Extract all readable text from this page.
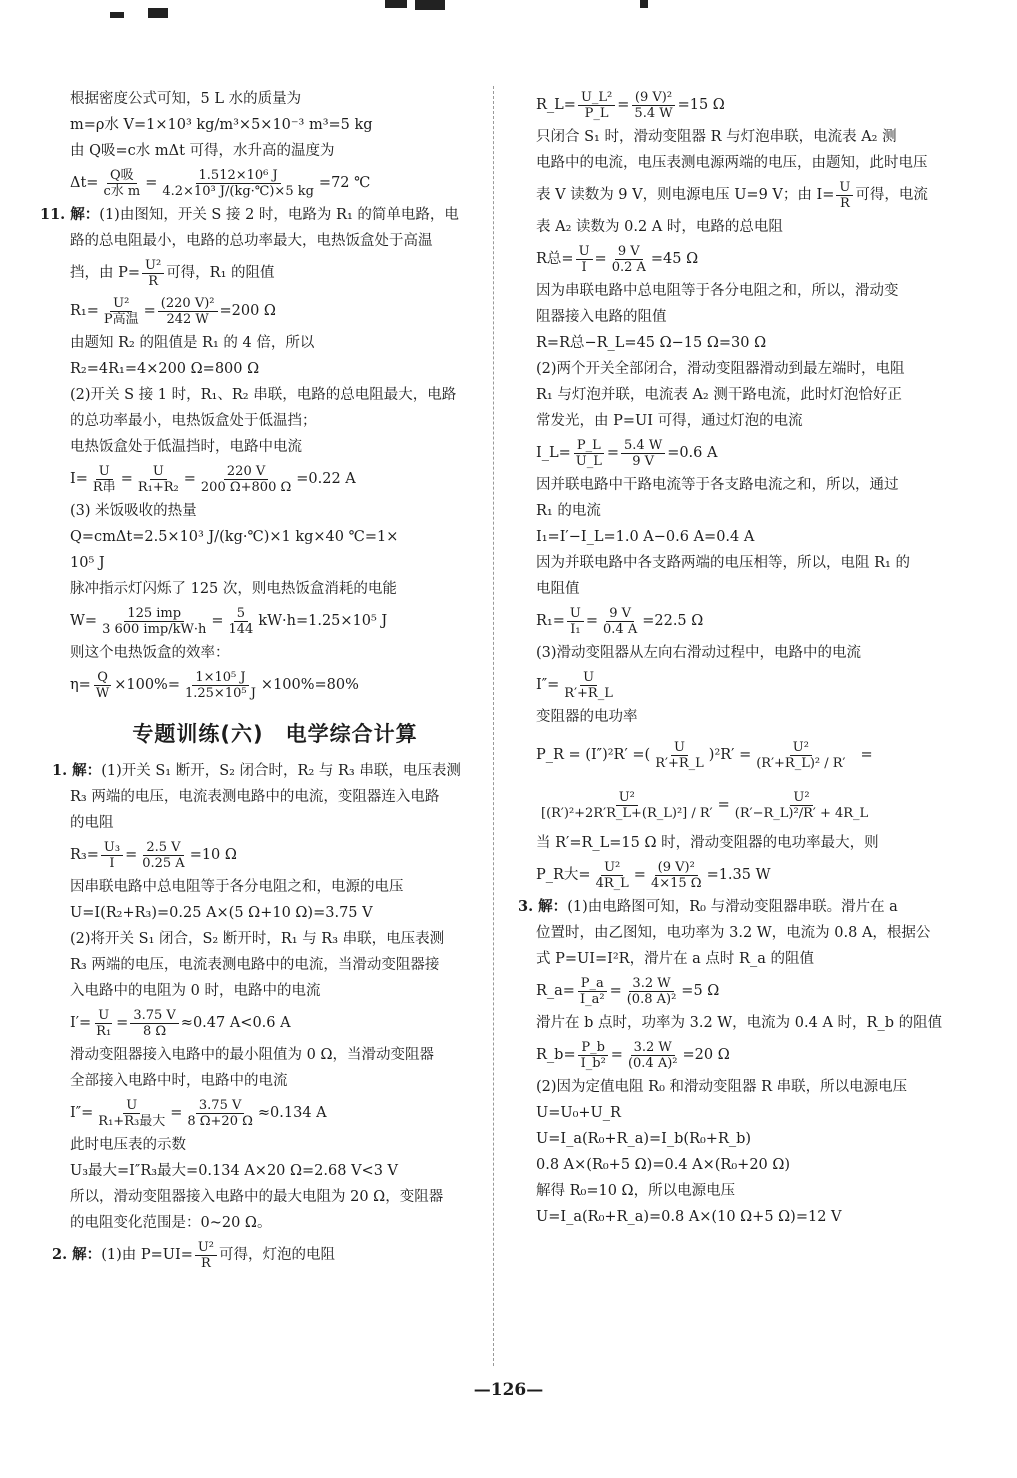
根据密度公式可知，5 L 水的质量为
m=ρ水 V=1×10³ kg/m³×5×10⁻³ m³=5 kg
由 Q吸=c水 mΔt 可得，水升高的温度为
$\Delta t= \frac{\text{Q吸}}{\text{c水 m}} = \frac{\text{1.512×10⁶ J}}{\text{4.2×10³ J/(kg·℃)×5 kg}} =72$ ℃
11. 解：(1)由图知，开关 S 接 2 时，电路为 R₁ 的简单电路，电
路的总电阻最小，电路的总功率最大，电热饭盒处于高温
挡，由 $P= \frac{\text{U²}}{R}$ 可得，R₁ 的阻值
$R_1= \frac{\text{U²}}{\text{P高温}} = \frac{\text{(220 V)²}}{242 W} =200$ Ω
由题知 R₂ 的阻值是 R₁ 的 4 倍，所以
R₂=4R₁=4×200 Ω=800 Ω
(2)开关 S 接 1 时，R₁、R₂ 串联，电路的总电阻最大，电路
的总功率最小，电热饭盒处于低温挡；
电热饭盒处于低温挡时，电路中电流
$I= \frac{U}{\text{R串}} = \frac{U}{\text{R₁+R₂}} = \frac{220 V}{200 \Omega+800 \Omega} =0.22$ A
(3) 米饭吸收的热量
Q=cmΔt=2.5×10³ J/(kg·℃)×1 kg×40 ℃=1×
10⁵ J
脉冲指示灯闪烁了 125 次，则电热饭盒消耗的电能
$W= \frac{\text{125 imp}}{\text{3 600 imp/kW·h}} = \frac{5}{144} kW\cdot h=1.25\times 10^5$ J
则这个电热饭盒的效率：
$\eta= \frac{Q}{W} \times 100\%= \frac{\text{1×10⁵ J}}{\text{1.25×10⁵ J}} \times 100\%=80\%$
专题训练(六)　电学综合计算
1. 解：(1)开关 S₁ 断开，S₂ 闭合时，R₂ 与 R₃ 串联，电压表测
R₃ 两端的电压，电流表测电路中的电流，变阻器连入电路
的电阻
$R_3= \frac{\text{U₃}}{I} = \frac{2.5 V}{0.25 A} =10$ Ω
因串联电路中总电阻等于各分电阻之和，电源的电压
U=I(R₂+R₃)=0.25 A×(5 Ω+10 Ω)=3.75 V
(2)将开关 S₁ 闭合，S₂ 断开时，R₁ 与 R₃ 串联，电压表测
R₃ 两端的电压，电流表测电路中的电流，当滑动变阻器接
入电路中的电阻为 0 时，电路中的电流
$I'= \frac{U}{\text{R₁}} = \frac{3.75 V}{8 \Omega} \approx 0.47$ A<0.6 A
滑动变阻器接入电路中的最小阻值为 0 Ω，当滑动变阻器
全部接入电路中时，电路中的电流
$I''= \frac{U}{\text{R₁+R₃最大}} = \frac{3.75 V}{8 \Omega+20 \Omega} \approx 0.134$ A
此时电压表的示数
U₃最大=I″R₃最大=0.134 A×20 Ω=2.68 V<3 V
所以，滑动变阻器接入电路中的最大电阻为 20 Ω，变阻器
的电阻变化范围是：0~20 Ω。
2. 解： (1)由 $P=UI= \frac{\text{U²}}{R}$ 可得，灯泡的电阻
R_L= $\frac{\text{U\_L²}}{P\_L} = \frac{\text{(9 V)²}}{5.4 W} =15$ Ω
只闭合 S₁ 时，滑动变阻器 R 与灯泡串联，电流表 A₂ 测
电路中的电流，电压表测电源两端的电压，由题知，此时电压
表 V 读数为 9 V，则电源电压 U=9 V；由 $I= \frac{U}{R}$ 可得，电流
表 A₂ 读数为 0.2 A 时，电路的总电阻
R总= $\frac{U}{I} = \frac{9 V}{0.2 A} =45$ Ω
因为串联电路中总电阻等于各分电阻之和，所以，滑动变
阻器接入电路的阻值
R=R总−R_L=45 Ω−15 Ω=30 Ω
(2)两个开关全部闭合，滑动变阻器滑动到最左端时，电阻
R₁ 与灯泡并联，电流表 A₂ 测干路电流，此时灯泡恰好正
常发光，由 P=UI 可得，通过灯泡的电流
I_L= $\frac{P\_L}{U\_L} = \frac{5.4 W}{9 V} =0.6$ A
因并联电路中干路电流等于各支路电流之和，所以，通过
R₁ 的电流
I₁=I′−I_L=1.0 A−0.6 A=0.4 A
因为并联电路中各支路两端的电压相等，所以，电阻 R₁ 的
电阻值
$R_1= \frac{U}{\text{I₁}} = \frac{9 V}{0.4 A} =22.5$ Ω
(3)滑动变阻器从左向右滑动过程中，电路中的电流
$I''= \frac{U}{R'+R\_L}$
变阻器的电功率
P_R = (I″)²R′ = ( $\frac{U}{R'+R\_L}$ ) $^2R' = \frac{\text{U²}}{\text{(R′+R\_L)² / R′}}$ =
$\frac{\text{U²}}{\text{[(R′)²+2R′R\_L+(R\_L)²] / R′}} = \frac{\text{U²}}{\text{(R′−R\_L)²/R′ + 4R\_L}}$
当 R′=R_L=15 Ω 时，滑动变阻器的电功率最大，则
P_R大= $\frac{\text{U²}}{4R\_L} = \frac{\text{(9 V)²}}{4\times 15 \Omega} =1.35$ W
3. 解：(1)由电路图可知，R₀ 与滑动变阻器串联。滑片在 a
位置时，由乙图知，电功率为 3.2 W，电流为 0.8 A，根据公
式 P=UI=I²R，滑片在 a 点时 R_a 的阻值
R_a= $\frac{P\_a}{\text{I\_a²}} = \frac{3.2 W}{\text{(0.8 A)²}} =5$ Ω
滑片在 b 点时，功率为 3.2 W，电流为 0.4 A 时，R_b 的阻值
R_b= $\frac{P\_b}{\text{I\_b²}} = \frac{3.2 W}{\text{(0.4 A)²}} =20$ Ω
(2)因为定值电阻 R₀ 和滑动变阻器 R 串联，所以电源电压
U=U₀+U_R
U=I_a(R₀+R_a)=I_b(R₀+R_b)
0.8 A×(R₀+5 Ω)=0.4 A×(R₀+20 Ω)
解得 R₀=10 Ω，所以电源电压
U=I_a(R₀+R_a)=0.8 A×(10 Ω+5 Ω)=12 V
—126—
